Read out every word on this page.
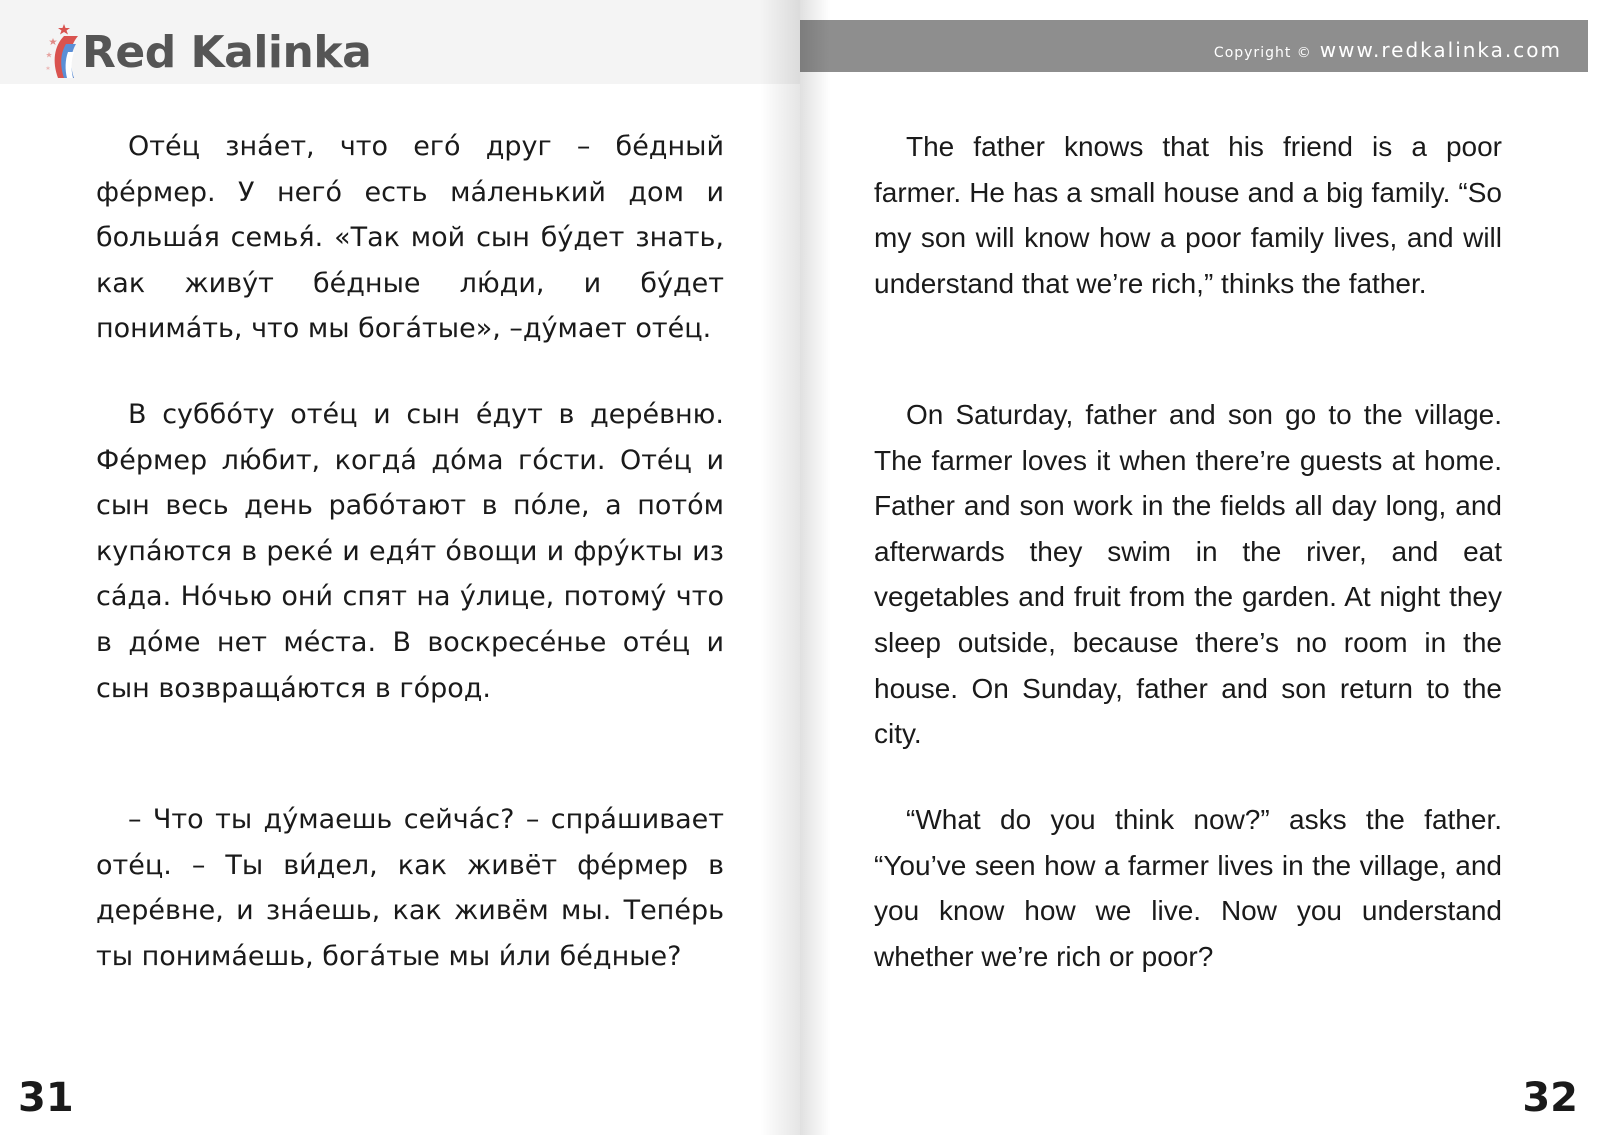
Red Kalinka

Оте́ц зна́ет, что его́ друг – бе́дный фе́рмер. У него́ есть ма́ленький дом и больша́я семья́. «Так мой сын бу́дет знать, как живу́т бе́дные лю́ди, и бу́дет понима́ть, что мы бога́тые», –ду́мает оте́ц.

В суббо́ту оте́ц и сын е́дут в дере́вню. Фе́рмер лю́бит, когда́ до́ма го́сти. Оте́ц и сын весь день рабо́тают в по́ле, а пото́м купа́ются в реке́ и едя́т о́вощи и фру́кты из са́да. Но́чью они́ спят на у́лице, потому́ что в до́ме нет ме́ста. В воскресе́нье оте́ц и сын возвраща́ются в го́род.

– Что ты ду́маешь сейча́с? – спра́шивает оте́ц. – Ты ви́дел, как живёт фе́рмер в дере́вне, и зна́ешь, как живём мы. Тепе́рь ты понима́ешь, бога́тые мы и́ли бе́дные?

31
Copyright © www.redkalinka.com

The father knows that his friend is a poor farmer. He has a small house and a big family. “So my son will know how a poor family lives, and will understand that we’re rich,” thinks the father.

On Saturday, father and son go to the village. The farmer loves it when there’re guests at home. Father and son work in the fields all day long, and afterwards they swim in the river, and eat vegetables and fruit from the garden. At night they sleep outside, because there’s no room in the house. On Sunday, father and son return to the city.

“What do you think now?” asks the father. “You’ve seen how a farmer lives in the village, and you know how we live. Now you understand whether we’re rich or poor?

32
